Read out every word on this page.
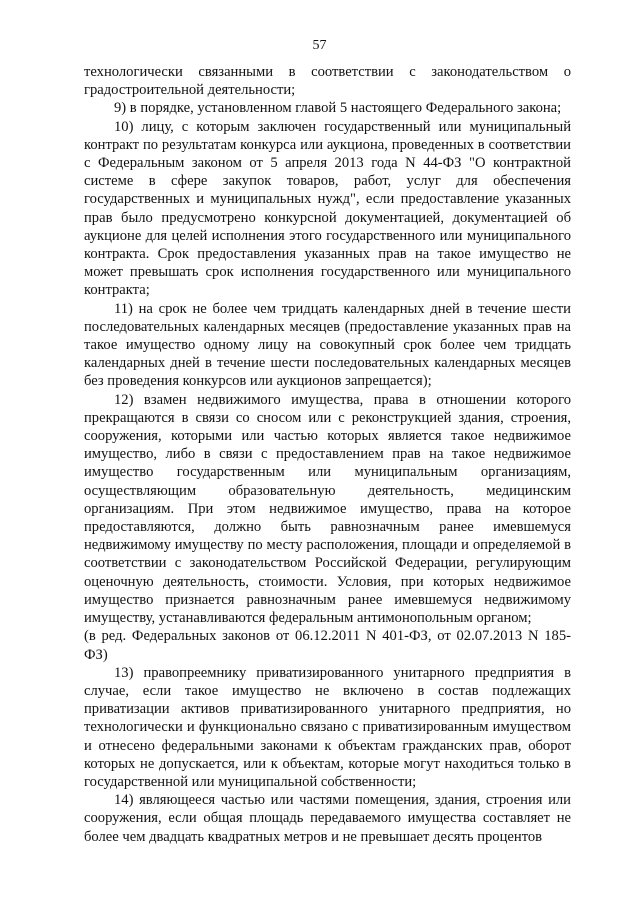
57

технологически связанными в соответствии с законодательством о градостроительной деятельности;

9) в порядке, установленном главой 5 настоящего Федерального закона;

10) лицу, с которым заключен государственный или муниципальный контракт по результатам конкурса или аукциона, проведенных в соответствии с Федеральным законом от 5 апреля 2013 года N 44-ФЗ "О контрактной системе в сфере закупок товаров, работ, услуг для обеспечения государственных и муниципальных нужд", если предоставление указанных прав было предусмотрено конкурсной документацией, документацией об аукционе для целей исполнения этого государственного или муниципального контракта. Срок предоставления указанных прав на такое имущество не может превышать срок исполнения государственного или муниципального контракта;

11) на срок не более чем тридцать календарных дней в течение шести последовательных календарных месяцев (предоставление указанных прав на такое имущество одному лицу на совокупный срок более чем тридцать календарных дней в течение шести последовательных календарных месяцев без проведения конкурсов или аукционов запрещается);

12) взамен недвижимого имущества, права в отношении которого прекращаются в связи со сносом или с реконструкцией здания, строения, сооружения, которыми или частью которых является такое недвижимое имущество, либо в связи с предоставлением прав на такое недвижимое имущество государственным или муниципальным организациям, осуществляющим образовательную деятельность, медицинским организациям. При этом недвижимое имущество, права на которое предоставляются, должно быть равнозначным ранее имевшемуся недвижимому имуществу по месту расположения, площади и определяемой в соответствии с законодательством Российской Федерации, регулирующим оценочную деятельность, стоимости. Условия, при которых недвижимое имущество признается равнозначным ранее имевшемуся недвижимому имуществу, устанавливаются федеральным антимонопольным органом;

(в ред. Федеральных законов от 06.12.2011 N 401-ФЗ, от 02.07.2013 N 185-ФЗ)

13) правопреемнику приватизированного унитарного предприятия в случае, если такое имущество не включено в состав подлежащих приватизации активов приватизированного унитарного предприятия, но технологически и функционально связано с приватизированным имуществом и отнесено федеральными законами к объектам гражданских прав, оборот которых не допускается, или к объектам, которые могут находиться только в государственной или муниципальной собственности;

14) являющееся частью или частями помещения, здания, строения или сооружения, если общая площадь передаваемого имущества составляет не более чем двадцать квадратных метров и не превышает десять процентов
